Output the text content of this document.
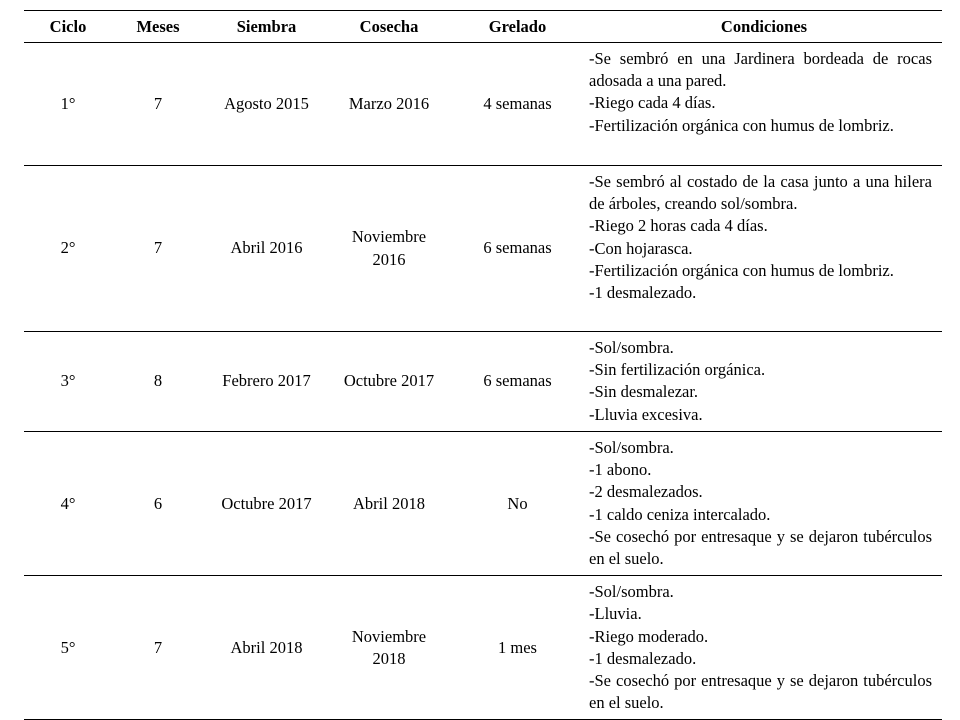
Ciclo	Meses	Siembra	Cosecha	Grelado	Condiciones
1°	7	Agosto 2015	Marzo 2016	4 semanas	-Se sembró en una Jardinera bordeada de rocas adosada a una pared.
-Riego cada 4 días.
-Fertilización orgánica con humus de lombriz.

2°	7	Abril 2016	Noviembre 2016	6 semanas	-Se sembró al costado de la casa junto a una hilera de árboles, creando sol/sombra.
-Riego 2 horas cada 4 días.
-Con hojarasca.
-Fertilización orgánica con humus de lombriz.
-1 desmalezado.

3°	8	Febrero 2017	Octubre 2017	6 semanas	-Sol/sombra.
-Sin fertilización orgánica.
-Sin desmalezar.
-Lluvia excesiva.

4°	6	Octubre 2017	Abril 2018	No	-Sol/sombra.
-1 abono.
-2 desmalezados.
-1 caldo ceniza intercalado.
-Se cosechó por entresaque y se dejaron tubérculos en el suelo.

5°	7	Abril 2018	Noviembre 2018	1 mes	-Sol/sombra.
-Lluvia.
-Riego moderado.
-1 desmalezado.
-Se cosechó por entresaque y se dejaron tubérculos en el suelo.
